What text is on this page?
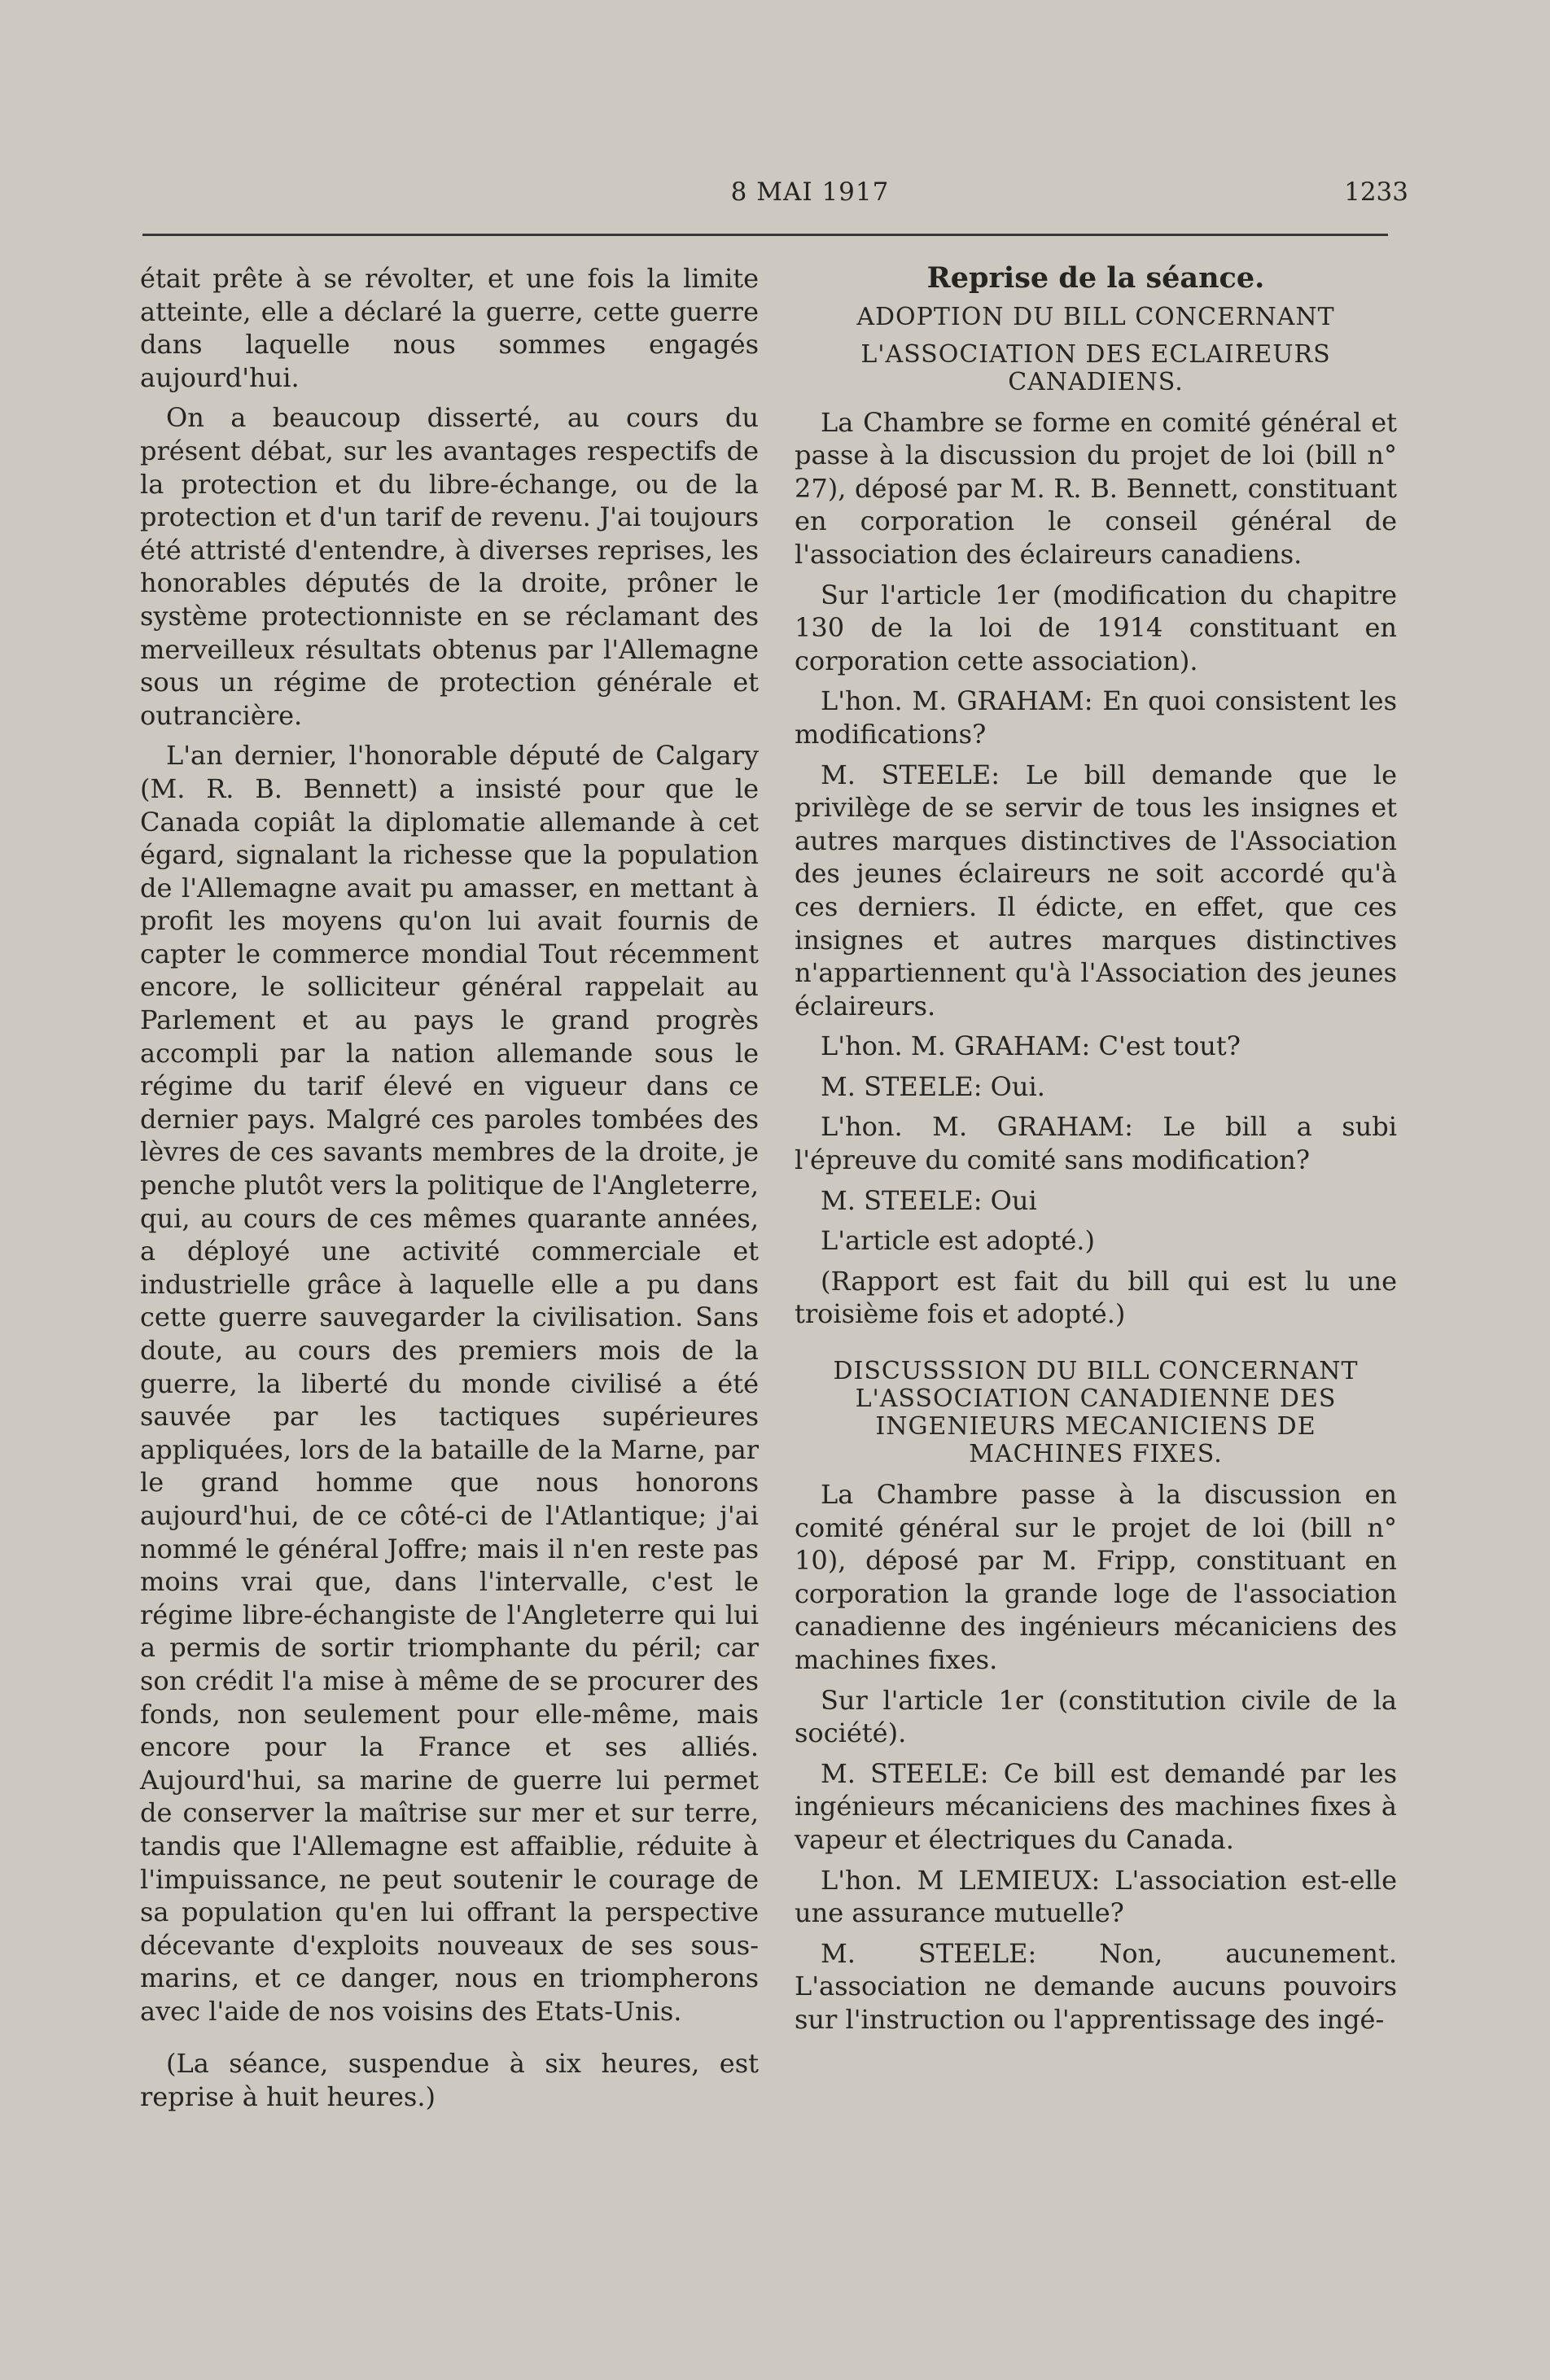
8 MAI 1917	1233

était prête à se révolter, et une fois la limite atteinte, elle a déclaré la guerre, cette guerre dans laquelle nous sommes engagés aujourd'hui.

On a beaucoup disserté, au cours du présent débat, sur les avantages respectifs de la protection et du libre-échange, ou de la protection et d'un tarif de revenu. J'ai toujours été attristé d'entendre, à diverses reprises, les honorables députés de la droite, prôner le système protectionniste en se réclamant des merveilleux résultats obtenus par l'Allemagne sous un régime de protection générale et outrancière.

L'an dernier, l'honorable député de Calgary (M. R. B. Bennett) a insisté pour que le Canada copiât la diplomatie allemande à cet égard, signalant la richesse que la population de l'Allemagne avait pu amasser, en mettant à profit les moyens qu'on lui avait fournis de capter le commerce mondial Tout récemment encore, le solliciteur général rappelait au Parlement et au pays le grand progrès accompli par la nation allemande sous le régime du tarif élevé en vigueur dans ce dernier pays. Malgré ces paroles tombées des lèvres de ces savants membres de la droite, je penche plutôt vers la politique de l'Angleterre, qui, au cours de ces mêmes quarante années, a déployé une activité commerciale et industrielle grâce à laquelle elle a pu dans cette guerre sauvegarder la civilisation. Sans doute, au cours des premiers mois de la guerre, la liberté du monde civilisé a été sauvée par les tactiques supérieures appliquées, lors de la bataille de la Marne, par le grand homme que nous honorons aujourd'hui, de ce côté-ci de l'Atlantique; j'ai nommé le général Joffre; mais il n'en reste pas moins vrai que, dans l'intervalle, c'est le régime libre-échangiste de l'Angleterre qui lui a permis de sortir triomphante du péril; car son crédit l'a mise à même de se procurer des fonds, non seulement pour elle-même, mais encore pour la France et ses alliés. Aujourd'hui, sa marine de guerre lui permet de conserver la maîtrise sur mer et sur terre, tandis que l'Allemagne est affaiblie, réduite à l'impuissance, ne peut soutenir le courage de sa population qu'en lui offrant la perspective décevante d'exploits nouveaux de ses sous-marins, et ce danger, nous en triompherons avec l'aide de nos voisins des Etats-Unis.

(La séance, suspendue à six heures, est reprise à huit heures.)

Reprise de la séance.
ADOPTION DU BILL CONCERNANT
L'ASSOCIATION DES ECLAIREURS CANADIENS.

La Chambre se forme en comité général et passe à la discussion du projet de loi (bill n° 27), déposé par M. R. B. Bennett, constituant en corporation le conseil général de l'association des éclaireurs canadiens.

Sur l'article 1er (modification du chapitre 130 de la loi de 1914 constituant en corporation cette association).

L'hon. M. GRAHAM: En quoi consistent les modifications?

M. STEELE: Le bill demande que le privilège de se servir de tous les insignes et autres marques distinctives de l'Association des jeunes éclaireurs ne soit accordé qu'à ces derniers. Il édicte, en effet, que ces insignes et autres marques distinctives n'appartiennent qu'à l'Association des jeunes éclaireurs.

L'hon. M. GRAHAM: C'est tout?

M. STEELE: Oui.

L'hon. M. GRAHAM: Le bill a subi l'épreuve du comité sans modification?

M. STEELE: Oui

L'article est adopté.)

(Rapport est fait du bill qui est lu une troisième fois et adopté.)

DISCUSSSION DU BILL CONCERNANT L'ASSOCIATION CANADIENNE DES INGENIEURS MECANICIENS DE MACHINES FIXES.

La Chambre passe à la discussion en comité général sur le projet de loi (bill n° 10), déposé par M. Fripp, constituant en corporation la grande loge de l'association canadienne des ingénieurs mécaniciens des machines fixes.

Sur l'article 1er (constitution civile de la société).

M. STEELE: Ce bill est demandé par les ingénieurs mécaniciens des machines fixes à vapeur et électriques du Canada.

L'hon. M LEMIEUX: L'association est-elle une assurance mutuelle?

M. STEELE: Non, aucunement. L'association ne demande aucuns pouvoirs sur l'instruction ou l'apprentissage des ingé-
